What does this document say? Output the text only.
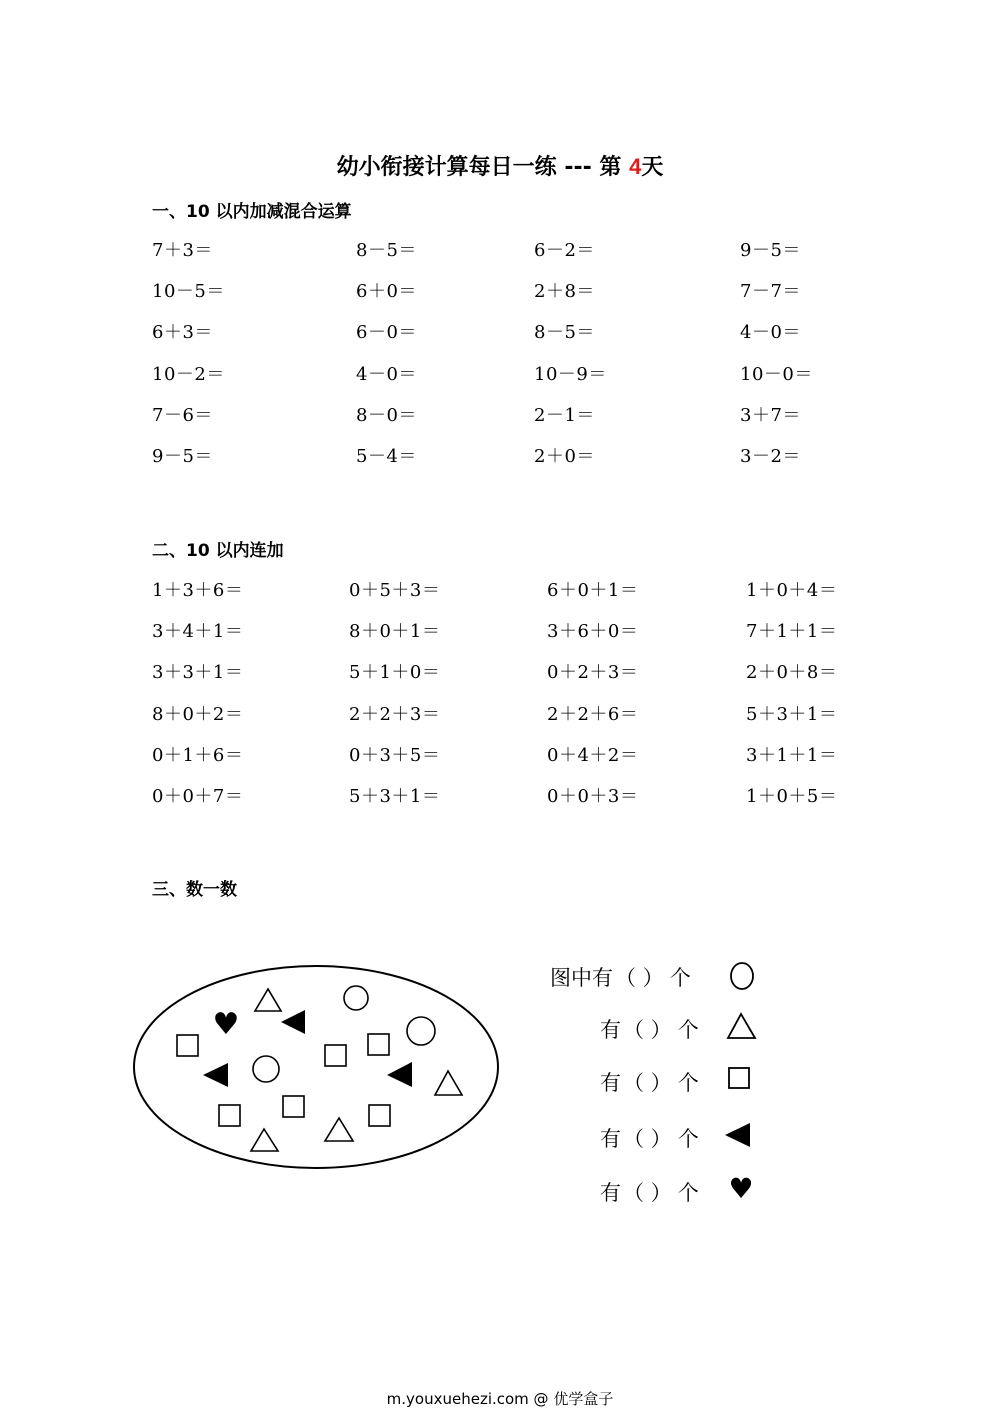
幼小衔接计算每日一练 --- 第 4天
一、10 以内加减混合运算
7＋3＝	8－5＝	6－2＝	9－5＝
10－5＝	6＋0＝	2＋8＝	7－7＝
6＋3＝	6－0＝	8－5＝	4－0＝
10－2＝	4－0＝	10－9＝	10－0＝
7－6＝	8－0＝	2－1＝	3＋7＝
9－5＝	5－4＝	2＋0＝	3－2＝
二、10 以内连加
1＋3＋6＝	0＋5＋3＝	6＋0＋1＝	1＋0＋4＝
3＋4＋1＝	8＋0＋1＝	3＋6＋0＝	7＋1＋1＝
3＋3＋1＝	5＋1＋0＝	0＋2＋3＝	2＋0＋8＝
8＋0＋2＝	2＋2＋3＝	2＋2＋6＝	5＋3＋1＝
0＋1＋6＝	0＋3＋5＝	0＋4＋2＝	3＋1＋1＝
0＋0＋7＝	5＋3＋1＝	0＋0＋3＝	1＋0＋5＝
三、数一数
♥
♥
图中有（ ） 个
有（ ） 个
有（ ） 个
有（ ） 个
有（ ） 个
m.youxuehezi.com @ 优学盒子
